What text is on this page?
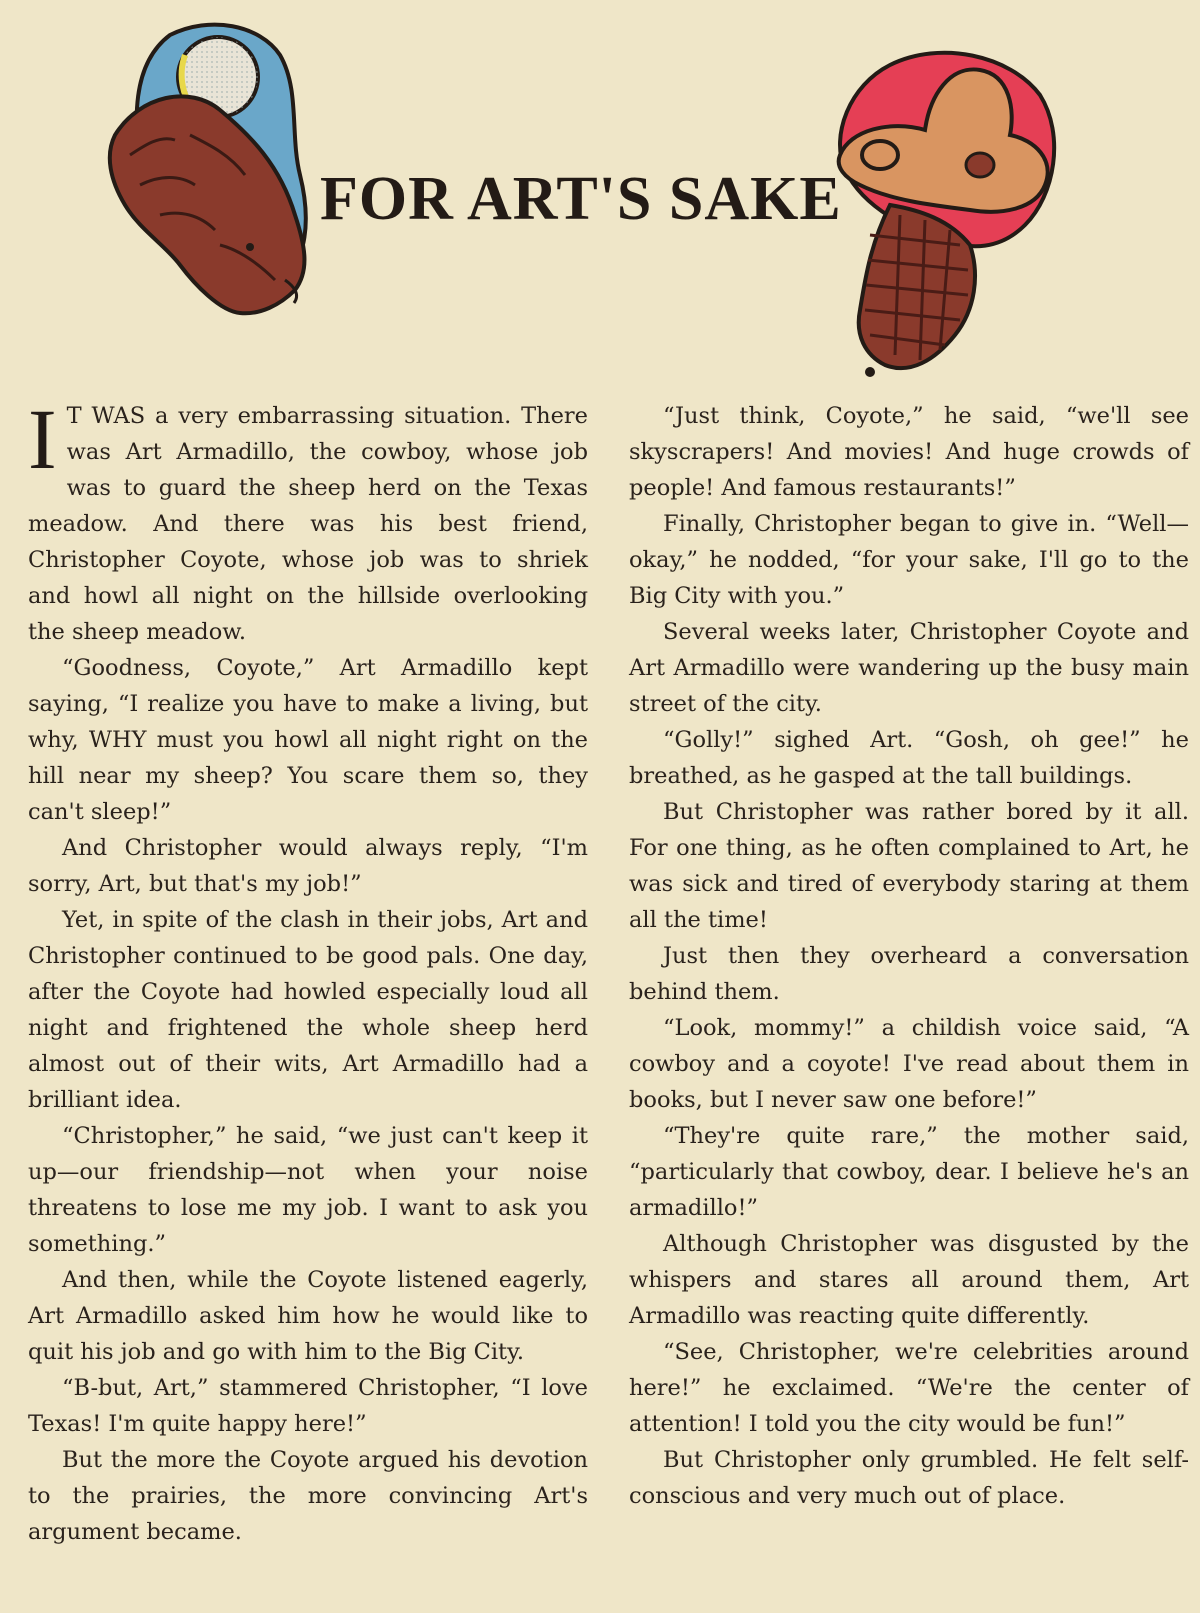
FOR ART'S SAKE

I T WAS a very embarrassing situation. There was Art Armadillo, the cowboy, whose job was to guard the sheep herd on the Texas meadow. And there was his best friend, Christopher Coyote, whose job was to shriek and howl all night on the hillside overlooking the sheep meadow.

“Goodness, Coyote,” Art Armadillo kept saying, “I realize you have to make a living, but why, WHY must you howl all night right on the hill near my sheep? You scare them so, they can't sleep!”

And Christopher would always reply, “I'm sorry, Art, but that's my job!”

Yet, in spite of the clash in their jobs, Art and Christopher continued to be good pals. One day, after the Coyote had howled especially loud all night and frightened the whole sheep herd almost out of their wits, Art Armadillo had a brilliant idea.

“Christopher,” he said, “we just can't keep it up—our friendship—not when your noise threatens to lose me my job. I want to ask you something.”

And then, while the Coyote listened eagerly, Art Armadillo asked him how he would like to quit his job and go with him to the Big City.

“B-but, Art,” stammered Christopher, “I love Texas! I'm quite happy here!”

But the more the Coyote argued his devotion to the prairies, the more convincing Art's argument became.

“Just think, Coyote,” he said, “we'll see skyscrapers! And movies! And huge crowds of people! And famous restaurants!”

Finally, Christopher began to give in. “Well—okay,” he nodded, “for your sake, I'll go to the Big City with you.”

Several weeks later, Christopher Coyote and Art Armadillo were wandering up the busy main street of the city.

“Golly!” sighed Art. “Gosh, oh gee!” he breathed, as he gasped at the tall buildings.

But Christopher was rather bored by it all. For one thing, as he often complained to Art, he was sick and tired of everybody staring at them all the time!

Just then they overheard a conversation behind them.

“Look, mommy!” a childish voice said, “A cowboy and a coyote! I've read about them in books, but I never saw one before!”

“They're quite rare,” the mother said, “particularly that cowboy, dear. I believe he's an armadillo!”

Although Christopher was disgusted by the whispers and stares all around them, Art Armadillo was reacting quite differently.

“See, Christopher, we're celebrities around here!” he exclaimed. “We're the center of attention! I told you the city would be fun!”

But Christopher only grumbled. He felt self-conscious and very much out of place.
